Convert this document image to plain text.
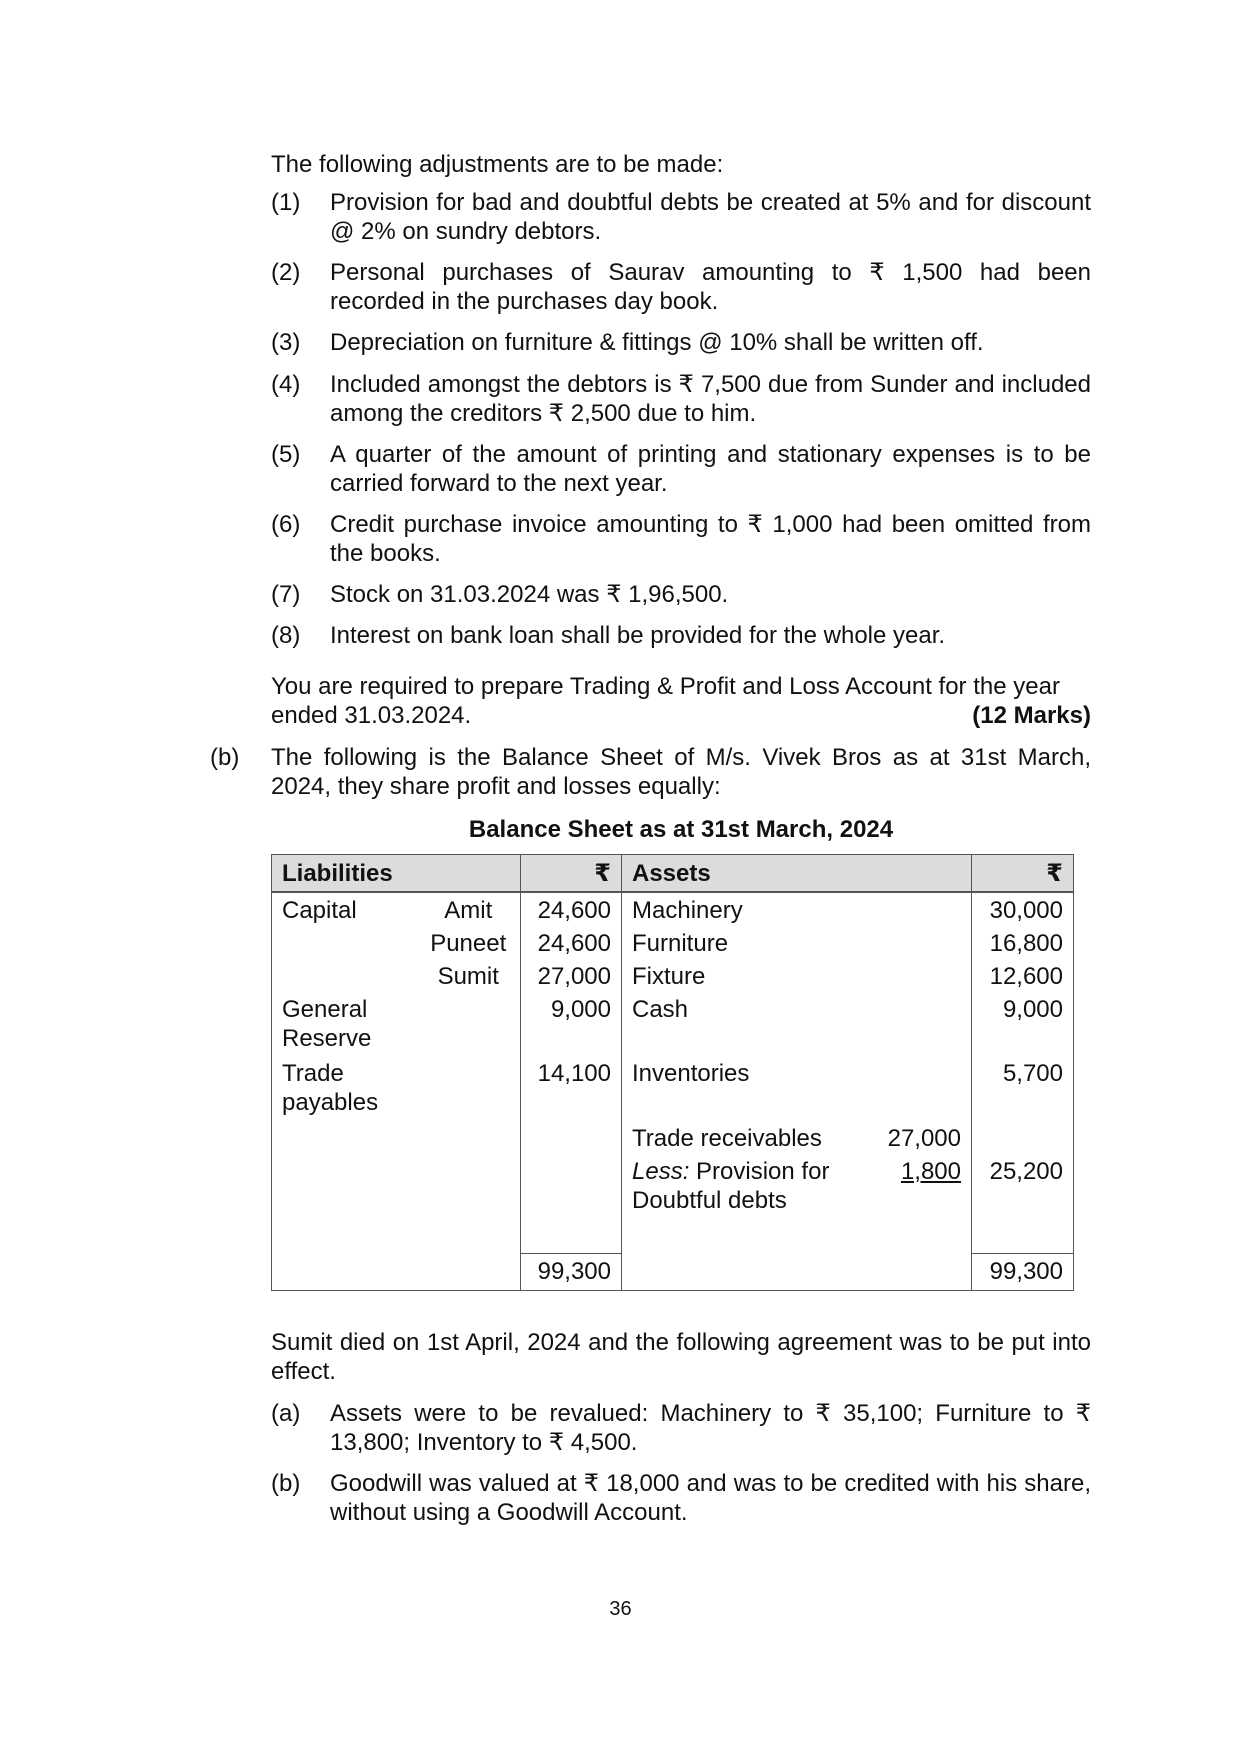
The following adjustments are to be made:
(1)	Provision for bad and doubtful debts be created at 5% and for discount @ 2% on sundry debtors.
(2)	Personal purchases of Saurav amounting to ₹ 1,500 had been recorded in the purchases day book.
(3)	Depreciation on furniture & fittings @ 10% shall be written off.
(4)	Included amongst the debtors is ₹ 7,500 due from Sunder and included among the creditors ₹ 2,500 due to him.
(5)	A quarter of the amount of printing and stationary expenses is to be carried forward to the next year.
(6)	Credit purchase invoice amounting to ₹ 1,000 had been omitted from the books.
(7)	Stock on 31.03.2024 was ₹ 1,96,500.
(8)	Interest on bank loan shall be provided for the whole year.
You are required to prepare Trading & Profit and Loss Account for the year ended 31.03.2024.	(12 Marks)
(b) The following is the Balance Sheet of M/s. Vivek Bros as at 31st March, 2024, they share profit and losses equally:
Balance Sheet as at 31st March, 2024
Liabilities		₹	Assets		₹
Capital	Amit	24,600	Machinery		30,000
	Puneet	24,600	Furniture		16,800
	Sumit	27,000	Fixture		12,600
General Reserve		9,000	Cash		9,000
Trade payables		14,100	Inventories		5,700
			Trade receivables	27,000	
			Less: Provision for Doubtful debts	1,800	25,200
		99,300			99,300
Sumit died on 1st April, 2024 and the following agreement was to be put into effect.
(a)	Assets were to be revalued: Machinery to ₹ 35,100; Furniture to ₹ 13,800; Inventory to ₹ 4,500.
(b)	Goodwill was valued at ₹ 18,000 and was to be credited with his share, without using a Goodwill Account.
36
